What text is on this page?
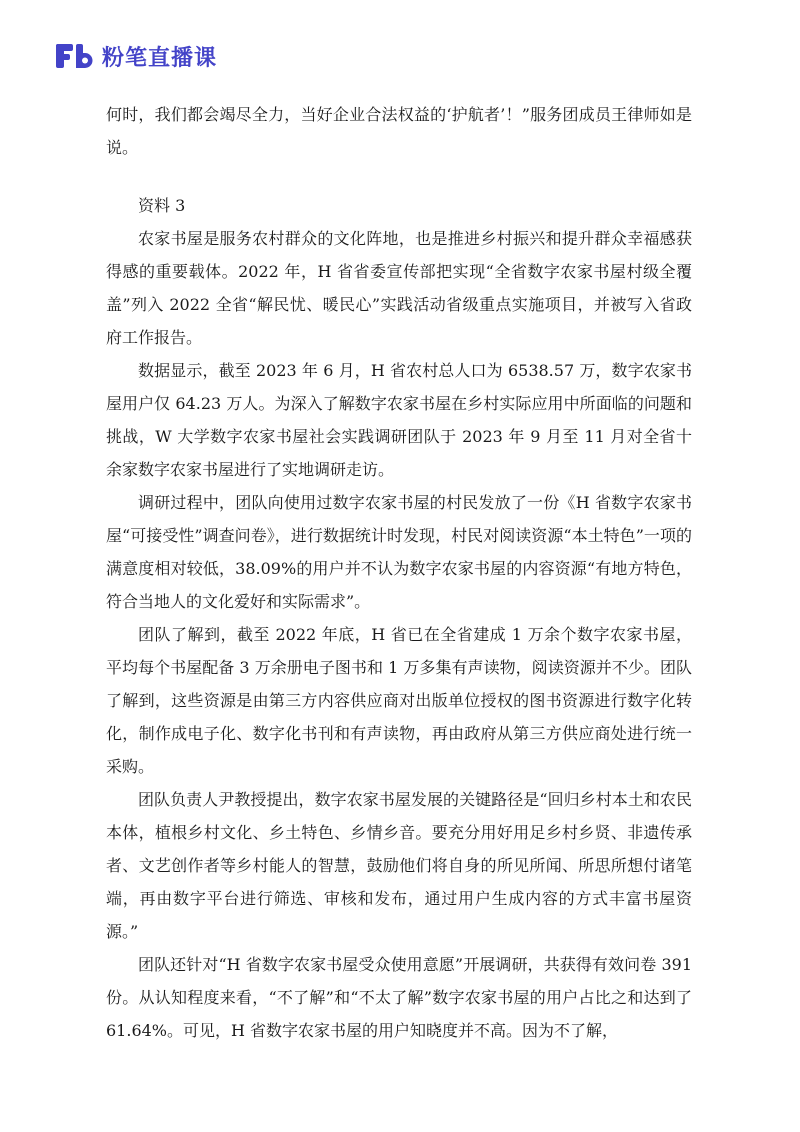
粉笔直播课

何时，我们都会竭尽全力，当好企业合法权益的‘护航者’！”服务团成员王律师如是说。

资料 3

农家书屋是服务农村群众的文化阵地，也是推进乡村振兴和提升群众幸福感获得感的重要载体。2022 年，H 省省委宣传部把实现“全省数字农家书屋村级全覆盖”列入 2022 全省“解民忧、暖民心”实践活动省级重点实施项目，并被写入省政府工作报告。

数据显示，截至 2023 年 6 月，H 省农村总人口为 6538.57 万，数字农家书屋用户仅 64.23 万人。为深入了解数字农家书屋在乡村实际应用中所面临的问题和挑战，W 大学数字农家书屋社会实践调研团队于 2023 年 9 月至 11 月对全省十余家数字农家书屋进行了实地调研走访。

调研过程中，团队向使用过数字农家书屋的村民发放了一份《H 省数字农家书屋“可接受性”调查问卷》，进行数据统计时发现，村民对阅读资源“本土特色”一项的满意度相对较低，38.09%的用户并不认为数字农家书屋的内容资源“有地方特色，符合当地人的文化爱好和实际需求”。

团队了解到，截至 2022 年底，H 省已在全省建成 1 万余个数字农家书屋，平均每个书屋配备 3 万余册电子图书和 1 万多集有声读物，阅读资源并不少。团队了解到，这些资源是由第三方内容供应商对出版单位授权的图书资源进行数字化转化，制作成电子化、数字化书刊和有声读物，再由政府从第三方供应商处进行统一采购。

团队负责人尹教授提出，数字农家书屋发展的关键路径是“回归乡村本土和农民本体，植根乡村文化、乡土特色、乡情乡音。要充分用好用足乡村乡贤、非遗传承者、文艺创作者等乡村能人的智慧，鼓励他们将自身的所见所闻、所思所想付诸笔端，再由数字平台进行筛选、审核和发布，通过用户生成内容的方式丰富书屋资源。”

团队还针对“H 省数字农家书屋受众使用意愿”开展调研，共获得有效问卷 391 份。从认知程度来看，“不了解”和“不太了解”数字农家书屋的用户占比之和达到了 61.64%。可见，H 省数字农家书屋的用户知晓度并不高。因为不了解，
